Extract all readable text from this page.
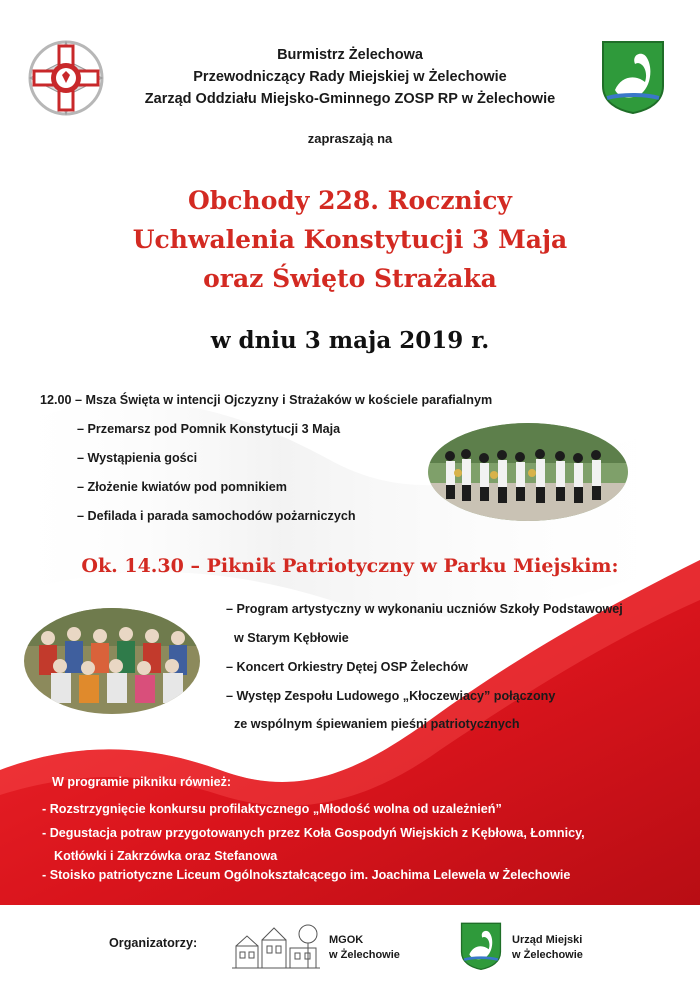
Burmistrz Żelechowa
Przewodniczący Rady Miejskiej w Żelechowie
Zarząd Oddziału Miejsko-Gminnego ZOSP RP w Żelechowie
zapraszają na
Obchody 228. Rocznicy
Uchwalenia Konstytucji 3 Maja
oraz Święto Strażaka
w dniu 3 maja 2019 r.
12.00 – Msza Święta w intencji Ojczyzny i Strażaków w kościele parafialnym
– Przemarsz pod Pomnik Konstytucji 3 Maja
– Wystąpienia gości
– Złożenie kwiatów pod pomnikiem
– Defilada i parada samochodów pożarniczych
Ok. 14.30 – Piknik Patriotyczny w Parku Miejskim:
– Program artystyczny w wykonaniu uczniów Szkoły Podstawowej
w Starym Kębłowie
– Koncert Orkiestry Dętej OSP Żelechów
– Występ Zespołu Ludowego „Kłoczewiacy” połączony
ze wspólnym śpiewaniem pieśni patriotycznych
W programie pikniku również:
- Rozstrzygnięcie konkursu profilaktycznego „Młodość wolna od uzależnień”
- Degustacja potraw przygotowanych przez Koła Gospodyń Wiejskich z Kębłowa, Łomnicy,
Kotłówki i Zakrzówka oraz Stefanowa
- Stoisko patriotyczne Liceum Ogólnokształcącego im. Joachima Lelewela w Żelechowie
Organizatorzy:	MGOK
w Żelechowie
Urząd Miejski
w Żelechowie
